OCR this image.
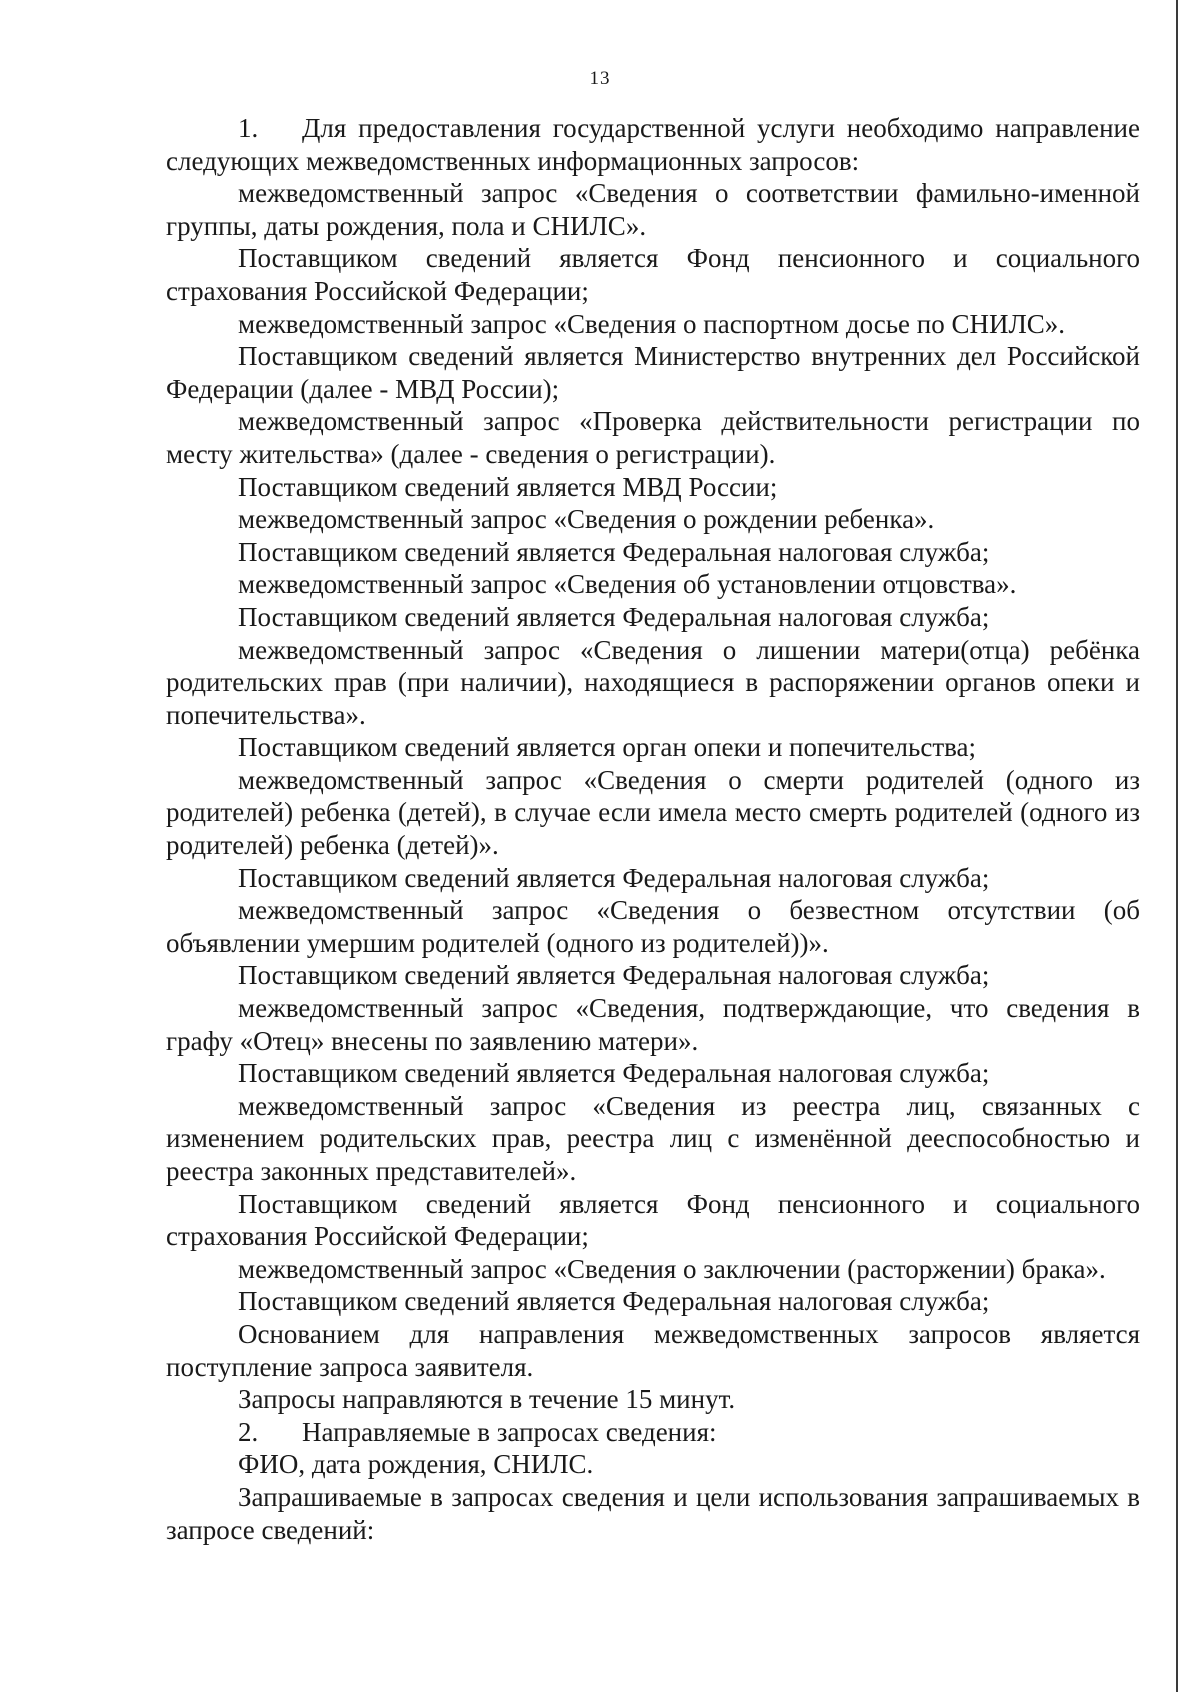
13

1. Для предоставления государственной услуги необходимо направление следующих межведомственных информационных запросов:

межведомственный запрос «Сведения о соответствии фамильно-именной группы, даты рождения, пола и СНИЛС».

Поставщиком сведений является Фонд пенсионного и социального страхования Российской Федерации;

межведомственный запрос «Сведения о паспортном досье по СНИЛС».

Поставщиком сведений является Министерство внутренних дел Российской Федерации (далее - МВД России);

межведомственный запрос «Проверка действительности регистрации по месту жительства» (далее - сведения о регистрации).

Поставщиком сведений является МВД России;

межведомственный запрос «Сведения о рождении ребенка».

Поставщиком сведений является Федеральная налоговая служба;

межведомственный запрос «Сведения об установлении отцовства».

Поставщиком сведений является Федеральная налоговая служба;

межведомственный запрос «Сведения о лишении матери(отца) ребёнка родительских прав (при наличии), находящиеся в распоряжении органов опеки и попечительства».

Поставщиком сведений является орган опеки и попечительства;

межведомственный запрос «Сведения о смерти родителей (одного из родителей) ребенка (детей), в случае если имела место смерть родителей (одного из родителей) ребенка (детей)».

Поставщиком сведений является Федеральная налоговая служба;

межведомственный запрос «Сведения о безвестном отсутствии (об объявлении умершим родителей (одного из родителей))».

Поставщиком сведений является Федеральная налоговая служба;

межведомственный запрос «Сведения, подтверждающие, что сведения в графу «Отец» внесены по заявлению матери».

Поставщиком сведений является Федеральная налоговая служба;

межведомственный запрос «Сведения из реестра лиц, связанных с изменением родительских прав, реестра лиц с изменённой дееспособностью и реестра законных представителей».

Поставщиком сведений является Фонд пенсионного и социального страхования Российской Федерации;

межведомственный запрос «Сведения о заключении (расторжении) брака».

Поставщиком сведений является Федеральная налоговая служба;

Основанием для направления межведомственных запросов является поступление запроса заявителя.

Запросы направляются в течение 15 минут.

2. Направляемые в запросах сведения:

ФИО, дата рождения, СНИЛС.

Запрашиваемые в запросах сведения и цели использования запрашиваемых в запросе сведений:
